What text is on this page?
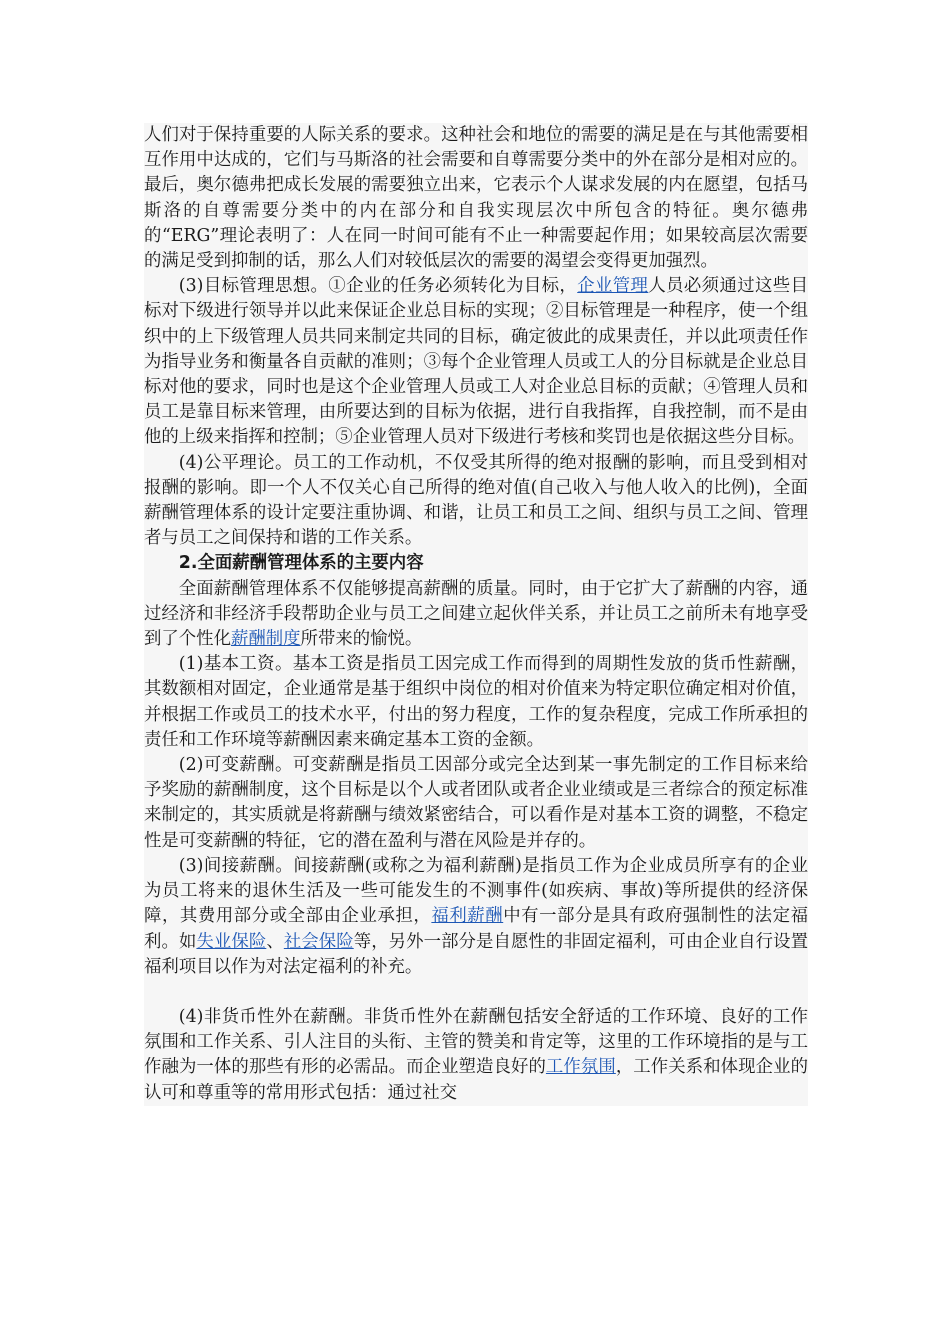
人们对于保持重要的人际关系的要求。这种社会和地位的需要的满足是在与其他需要相互作用中达成的，它们与马斯洛的社会需要和自尊需要分类中的外在部分是相对应的。最后，奥尔德弗把成长发展的需要独立出来，它表示个人谋求发展的内在愿望，包括马斯洛的自尊需要分类中的内在部分和自我实现层次中所包含的特征。奥尔德弗的“ERG”理论表明了：人在同一时间可能有不止一种需要起作用；如果较高层次需要的满足受到抑制的话，那么人们对较低层次的需要的渴望会变得更加强烈。

(3)目标管理思想。①企业的任务必须转化为目标，企业管理人员必须通过这些目标对下级进行领导并以此来保证企业总目标的实现；②目标管理是一种程序，使一个组织中的上下级管理人员共同来制定共同的目标，确定彼此的成果责任，并以此项责任作为指导业务和衡量各自贡献的准则；③每个企业管理人员或工人的分目标就是企业总目标对他的要求，同时也是这个企业管理人员或工人对企业总目标的贡献；④管理人员和员工是靠目标来管理，由所要达到的目标为依据，进行自我指挥，自我控制，而不是由他的上级来指挥和控制；⑤企业管理人员对下级进行考核和奖罚也是依据这些分目标。

(4)公平理论。员工的工作动机，不仅受其所得的绝对报酬的影响，而且受到相对报酬的影响。即一个人不仅关心自己所得的绝对值(自己收入与他人收入的比例)，全面薪酬管理体系的设计定要注重协调、和谐，让员工和员工之间、组织与员工之间、管理者与员工之间保持和谐的工作关系。

2.全面薪酬管理体系的主要内容

全面薪酬管理体系不仅能够提高薪酬的质量。同时，由于它扩大了薪酬的内容，通过经济和非经济手段帮助企业与员工之间建立起伙伴关系，并让员工之前所未有地享受到了个性化薪酬制度所带来的愉悦。

(1)基本工资。基本工资是指员工因完成工作而得到的周期性发放的货币性薪酬，其数额相对固定，企业通常是基于组织中岗位的相对价值来为特定职位确定相对价值，并根据工作或员工的技术水平，付出的努力程度，工作的复杂程度，完成工作所承担的责任和工作环境等薪酬因素来确定基本工资的金额。

(2)可变薪酬。可变薪酬是指员工因部分或完全达到某一事先制定的工作目标来给予奖励的薪酬制度，这个目标是以个人或者团队或者企业业绩或是三者综合的预定标准来制定的，其实质就是将薪酬与绩效紧密结合，可以看作是对基本工资的调整，不稳定性是可变薪酬的特征，它的潜在盈利与潜在风险是并存的。

(3)间接薪酬。间接薪酬(或称之为福利薪酬)是指员工作为企业成员所享有的企业为员工将来的退休生活及一些可能发生的不测事件(如疾病、事故)等所提供的经济保障，其费用部分或全部由企业承担，福利薪酬中有一部分是具有政府强制性的法定福利。如失业保险、社会保险等，另外一部分是自愿性的非固定福利，可由企业自行设置福利项目以作为对法定福利的补充。

(4)非货币性外在薪酬。非货币性外在薪酬包括安全舒适的工作环境、良好的工作氛围和工作关系、引人注目的头衔、主管的赞美和肯定等，这里的工作环境指的是与工作融为一体的那些有形的必需品。而企业塑造良好的工作氛围，工作关系和体现企业的认可和尊重等的常用形式包括：通过社交
